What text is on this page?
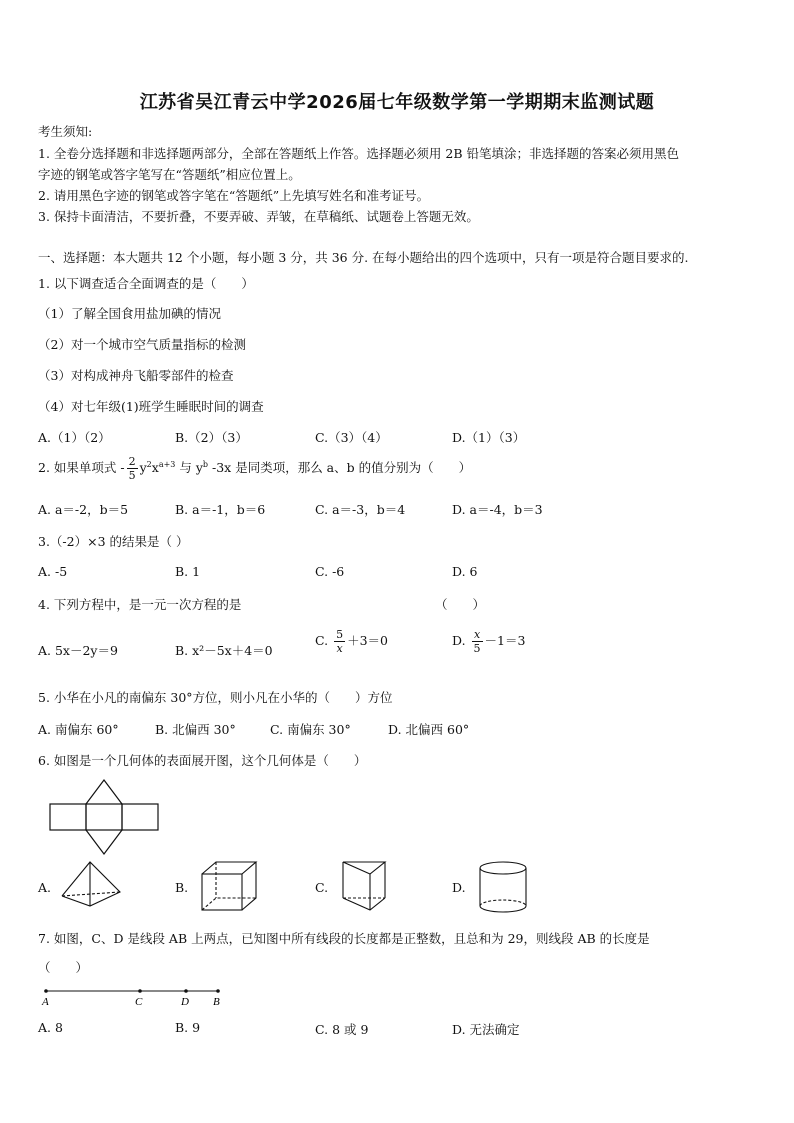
江苏省吴江青云中学2026届七年级数学第一学期期末监测试题
考生须知:
1. 全卷分选择题和非选择题两部分，全部在答题纸上作答。选择题必须用 2B 铅笔填涂；非选择题的答案必须用黑色
字迹的钢笔或答字笔写在“答题纸”相应位置上。
2. 请用黑色字迹的钢笔或答字笔在“答题纸”上先填写姓名和准考证号。
3. 保持卡面清洁，不要折叠，不要弄破、弄皱，在草稿纸、试题卷上答题无效。
一、选择题：本大题共 12 个小题，每小题 3 分，共 36 分. 在每小题给出的四个选项中，只有一项是符合题目要求的.
1. 以下调查适合全面调查的是（　　）
（1）了解全国食用盐加碘的情况
（2）对一个城市空气质量指标的检测
（3）对构成神舟飞船零部件的检查
（4）对七年级(1)班学生睡眠时间的调查
A.（1）（2）	B.（2）（3）	C.（3）（4）	D.（1）（3）
2. 如果单项式 - $\frac{2}{5} y^2x^{a+3}$ 与 $y^b$ -3x 是同类项，那么 a、b 的值分别为（　　）
A. a＝-2，b＝5	B. a＝-1，b＝6	C. a＝-3，b＝4	D. a＝-4，b＝3
3.（-2）×3 的结果是（ ）
A. -5	B. 1	C. -6	D. 6
4. 下列方程中，是一元一次方程的是	（　　）
A. 5x－2y＝9	B. x²－5x＋4＝0
C. $\frac{5}{x} +3=0$	D. $\frac{x}{5} -1=3$
5. 小华在小凡的南偏东 30°方位，则小凡在小华的（　　）方位
A. 南偏东 60°	B. 北偏西 30°	C. 南偏东 30°	D. 北偏西 60°
6. 如图是一个几何体的表面展开图，这个几何体是（　　）
A.	B.	C.	D.
7. 如图，C、D 是线段 AB 上两点，已知图中所有线段的长度都是正整数，且总和为 29，则线段 AB 的长度是
（　　）
A	C	D B
A. 8	B. 9	C. 8 或 9	D. 无法确定
